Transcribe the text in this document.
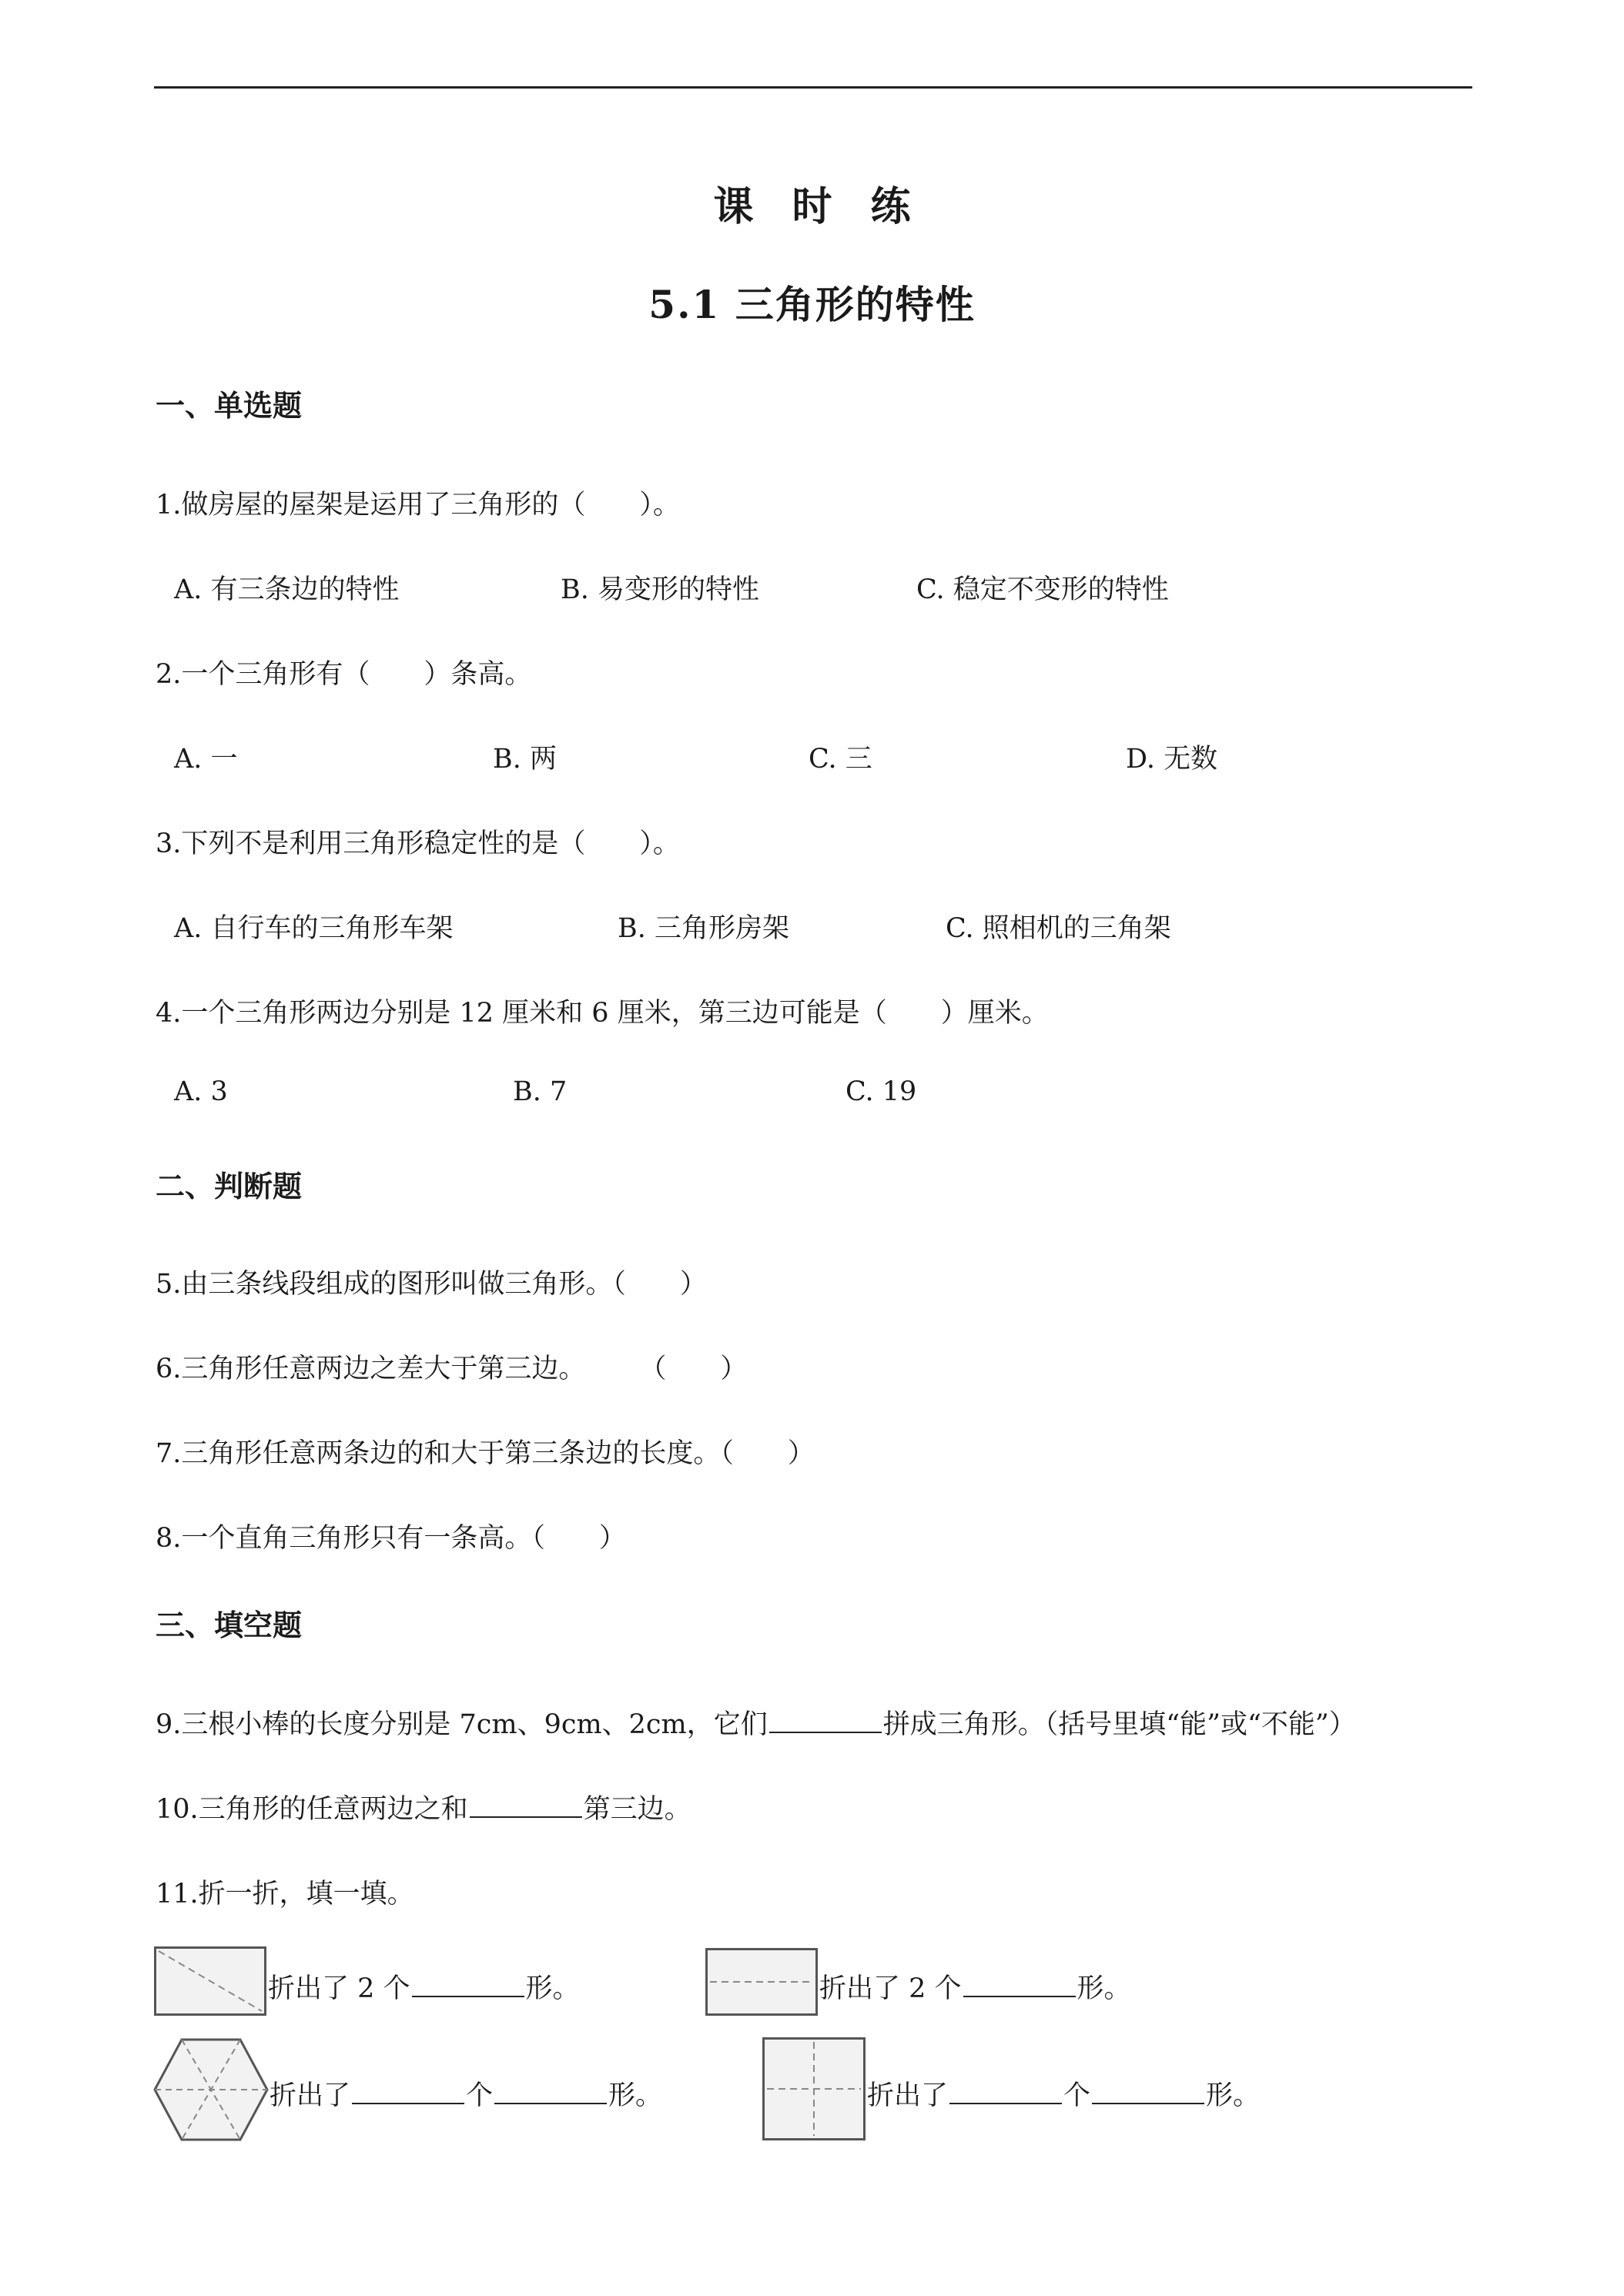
课时练
5.1 三角形的特性
一、单选题
1.做房屋的屋架是运用了三角形的（　　）。
A. 有三条边的特性	B. 易变形的特性	C. 稳定不变形的特性
2.一个三角形有（　　）条高。
A. 一	B. 两	C. 三	D. 无数
3.下列不是利用三角形稳定性的是（　　）。
A. 自行车的三角形车架	B. 三角形房架	C. 照相机的三角架
4.一个三角形两边分别是 12 厘米和 6 厘米，第三边可能是（　　）厘米。
A. 3	B. 7	C. 19
二、判断题
5.由三条线段组成的图形叫做三角形。（　　）
6.三角形任意两边之差大于第三边。　　　（　　）
7.三角形任意两条边的和大于第三条边的长度。（　　）
8.一个直角三角形只有一条高。（　　）
三、填空题
9.三根小棒的长度分别是 7cm、9cm、2cm，它们	拼成三角形。（括号里填“能”或“不能”）
10.三角形的任意两边之和	第三边。
11.折一折，填一填。
折出了 2 个	形。	折出了 2 个	形。
折出了	个	形。	折出了	个	形。
